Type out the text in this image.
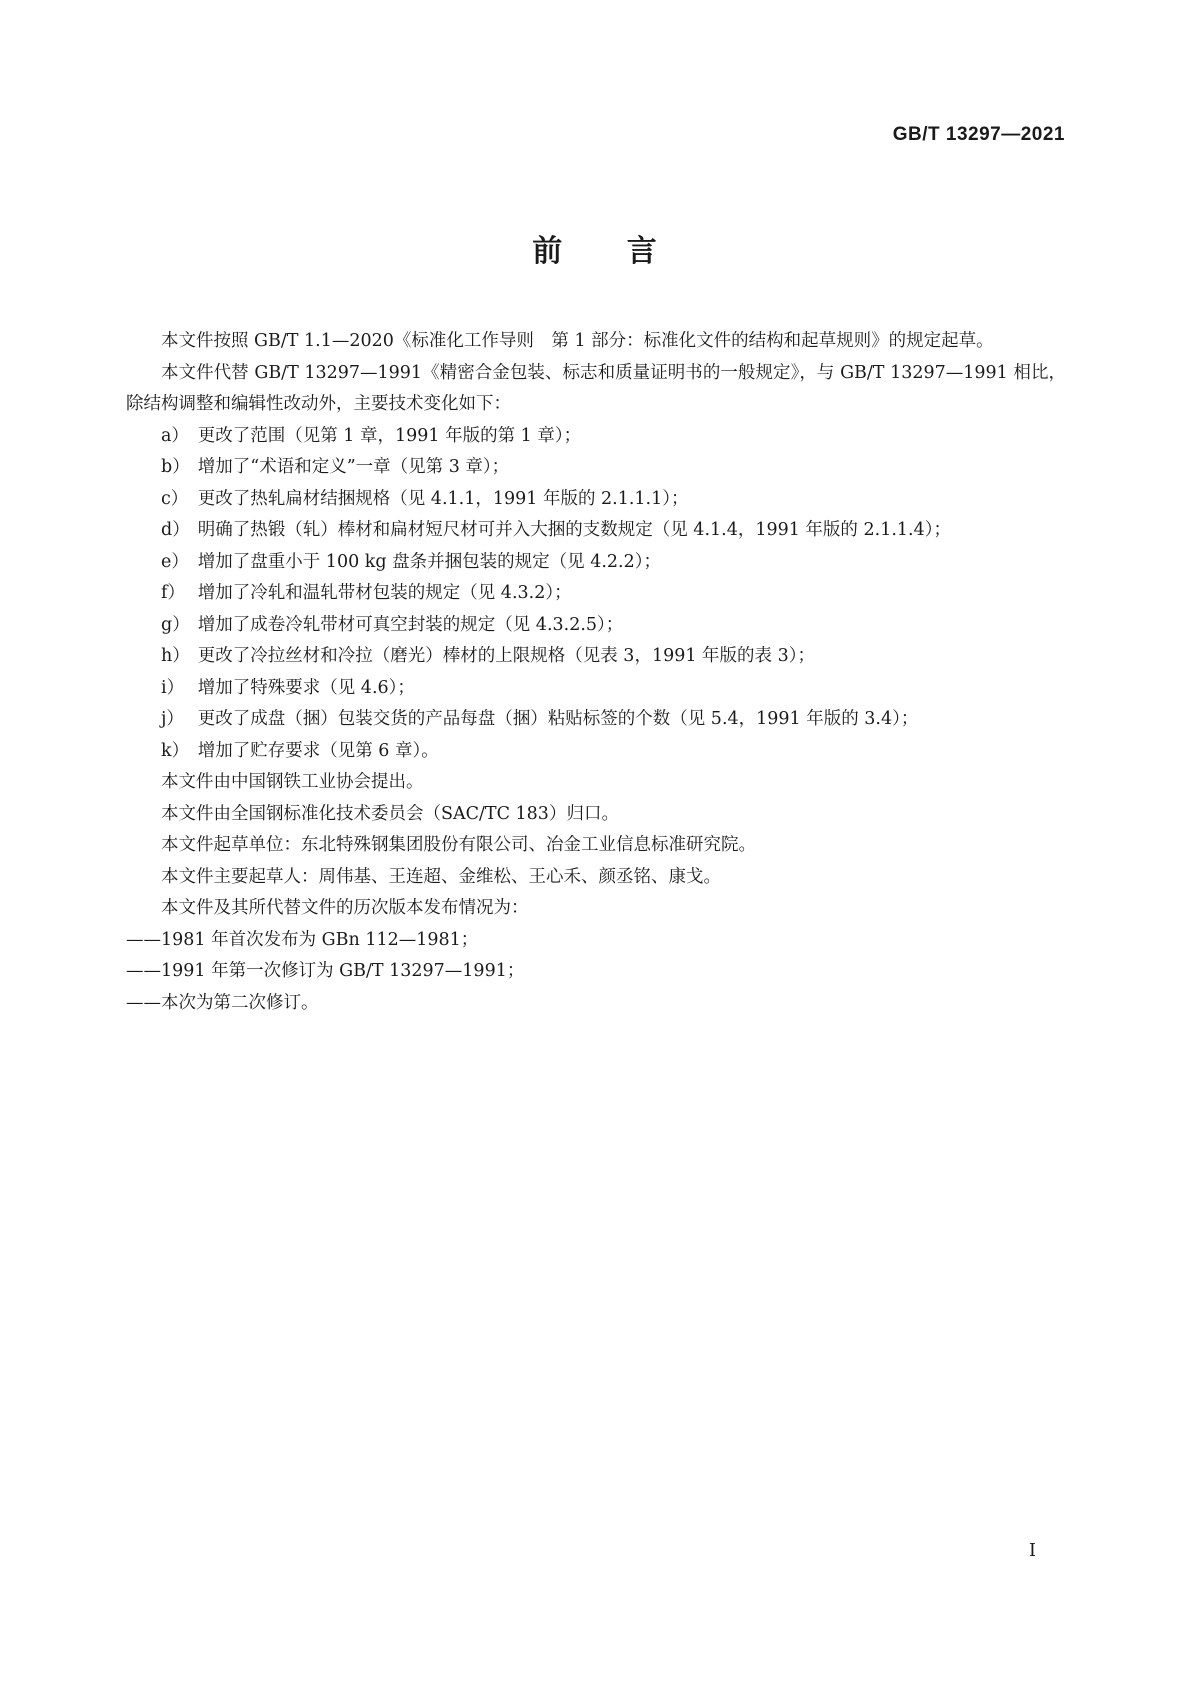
GB/T 13297—2021
前 言

本文件按照 GB/T 1.1—2020《标准化工作导则　第 1 部分：标准化文件的结构和起草规则》的规定起草。

本文件代替 GB/T 13297—1991《精密合金包装、标志和质量证明书的一般规定》，与 GB/T 13297—1991 相比，除结构调整和编辑性改动外，主要技术变化如下：

a） 更改了范围（见第 1 章，1991 年版的第 1 章）；
b） 增加了“术语和定义”一章（见第 3 章）；
c） 更改了热轧扁材结捆规格（见 4.1.1，1991 年版的 2.1.1.1）；
d） 明确了热锻（轧）棒材和扁材短尺材可并入大捆的支数规定（见 4.1.4，1991 年版的 2.1.1.4）；
e） 增加了盘重小于 100 kg 盘条并捆包装的规定（见 4.2.2）；
f） 增加了冷轧和温轧带材包装的规定（见 4.3.2）；
g） 增加了成卷冷轧带材可真空封装的规定（见 4.3.2.5）；
h） 更改了冷拉丝材和冷拉（磨光）棒材的上限规格（见表 3，1991 年版的表 3）；
i） 增加了特殊要求（见 4.6）；
j） 更改了成盘（捆）包装交货的产品每盘（捆）粘贴标签的个数（见 5.4，1991 年版的 3.4）；
k） 增加了贮存要求（见第 6 章）。

本文件由中国钢铁工业协会提出。

本文件由全国钢标准化技术委员会（SAC/TC 183）归口。

本文件起草单位：东北特殊钢集团股份有限公司、冶金工业信息标准研究院。

本文件主要起草人：周伟基、王连超、金维松、王心禾、颜丞铭、康戈。

本文件及其所代替文件的历次版本发布情况为：

——1981 年首次发布为 GBn 112—1981；

——1991 年第一次修订为 GB/T 13297—1991；

——本次为第二次修订。

I
